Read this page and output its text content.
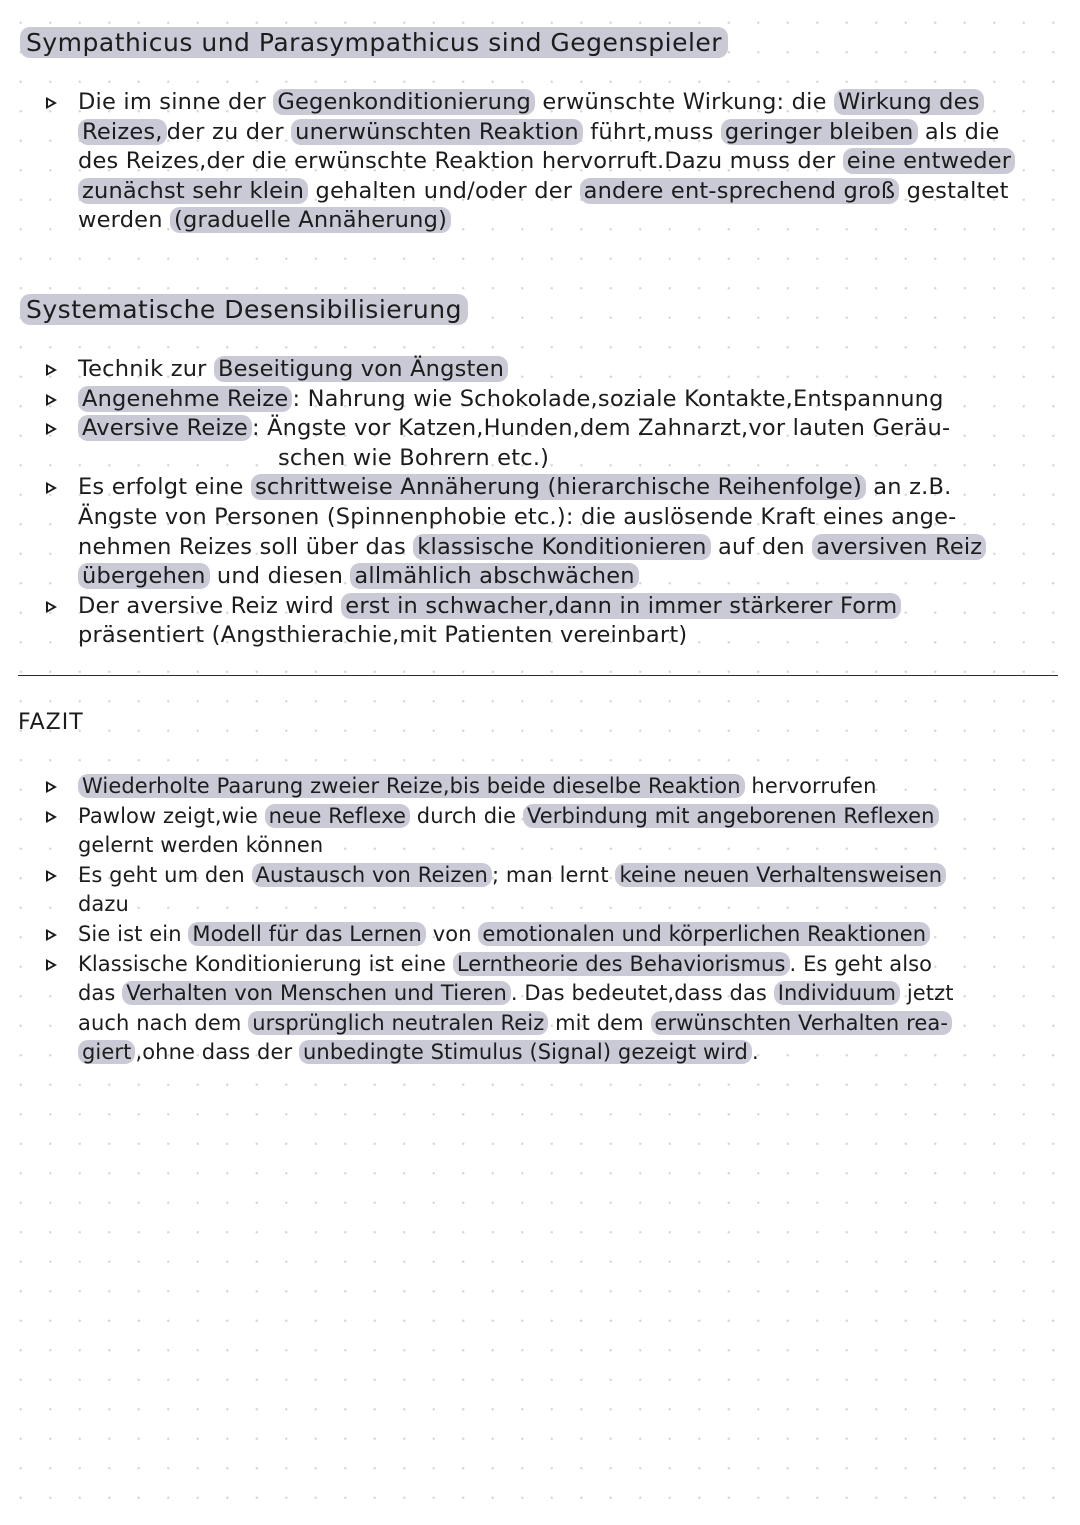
Sympathicus und Parasympathicus sind Gegenspieler
Die im sinne der Gegenkonditionierung erwünschte Wirkung: die Wirkung des Reizes, der zu der unerwünschten Reaktion führt,muss geringer bleiben als die des Reizes,der die erwünschte Reaktion hervorruft.Dazu muss der eine entweder zunächst sehr klein gehalten und/oder der andere ent-sprechend groß gestaltet werden (graduelle Annäherung)
Systematische Desensibilisierung
Technik zur Beseitigung von Ängsten
Angenehme Reize : Nahrung wie Schokolade,soziale Kontakte,Entspannung
Aversive Reize : Ängste vor Katzen,Hunden,dem Zahnarzt,vor lauten Geräu-
schen wie Bohrern etc.)
Es erfolgt eine schrittweise Annäherung (hierarchische Reihenfolge) an z.B.
Ängste von Personen (Spinnenphobie etc.): die auslösende Kraft eines ange-
nehmen Reizes soll über das klassische Konditionieren auf den aversiven Reiz
übergehen und diesen allmählich abschwächen
Der aversive Reiz wird erst in schwacher,dann in immer stärkerer Form
präsentiert (Angsthierachie,mit Patienten vereinbart)
FAZIT
Wiederholte Paarung zweier Reize,bis beide dieselbe Reaktion hervorrufen
Pawlow zeigt,wie neue Reflexe durch die Verbindung mit angeborenen Reflexen
gelernt werden können
Es geht um den Austausch von Reizen ; man lernt keine neuen Verhaltensweisen
dazu
Sie ist ein Modell für das Lernen von emotionalen und körperlichen Reaktionen
Klassische Konditionierung ist eine Lerntheorie des Behaviorismus . Es geht also
das Verhalten von Menschen und Tieren . Das bedeutet,dass das Individuum jetzt
auch nach dem ursprünglich neutralen Reiz mit dem erwünschten Verhalten rea-
giert ,ohne dass der unbedingte Stimulus (Signal) gezeigt wird .
